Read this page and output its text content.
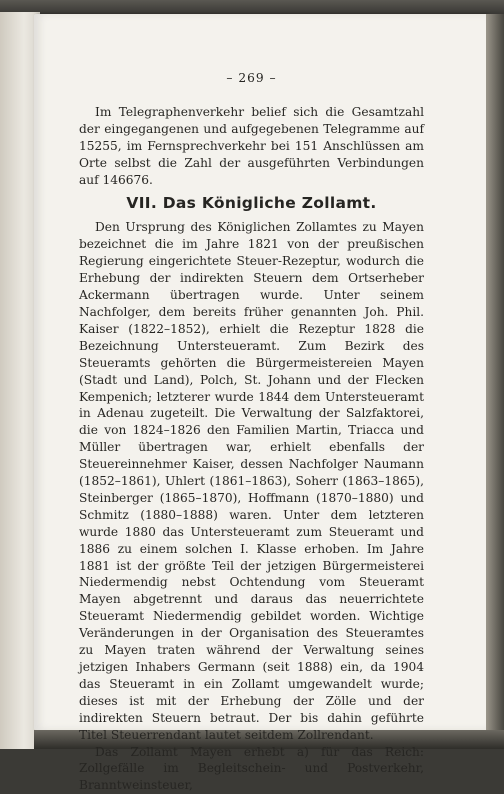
– 269 –

Im Telegraphenverkehr belief sich die Gesamtzahl der eingegangenen und aufgegebenen Telegramme auf 15255, im Fernsprechverkehr bei 151 Anschlüssen am Orte selbst die Zahl der ausgeführten Verbindungen auf 146676.

VII. Das Königliche Zollamt.

Den Ursprung des Königlichen Zollamtes zu Mayen bezeichnet die im Jahre 1821 von der preußischen Regierung eingerichtete Steuer-Rezeptur, wodurch die Erhebung der indirekten Steuern dem Ortserheber Ackermann übertragen wurde. Unter seinem Nachfolger, dem bereits früher genannten Joh. Phil. Kaiser (1822–1852), erhielt die Rezeptur 1828 die Bezeichnung Untersteueramt. Zum Bezirk des Steueramts gehörten die Bürgermeistereien Mayen (Stadt und Land), Polch, St. Johann und der Flecken Kempenich; letzterer wurde 1844 dem Untersteueramt in Adenau zugeteilt. Die Verwaltung der Salzfaktorei, die von 1824–1826 den Familien Martin, Triacca und Müller übertragen war, erhielt ebenfalls der Steuereinnehmer Kaiser, dessen Nachfolger Naumann (1852–1861), Uhlert (1861–1863), Soherr (1863–1865), Steinberger (1865–1870), Hoffmann (1870–1880) und Schmitz (1880–1888) waren. Unter dem letzteren wurde 1880 das Untersteueramt zum Steueramt und 1886 zu einem solchen I. Klasse erhoben. Im Jahre 1881 ist der größte Teil der jetzigen Bürgermeisterei Niedermendig nebst Ochtendung vom Steueramt Mayen abgetrennt und daraus das neuerrichtete Steueramt Niedermendig gebildet worden. Wichtige Veränderungen in der Organisation des Steueramtes zu Mayen traten während der Verwaltung seines jetzigen Inhabers Germann (seit 1888) ein, da 1904 das Steueramt in ein Zollamt umgewandelt wurde; dieses ist mit der Erhebung der Zölle und der indirekten Steuern betraut. Der bis dahin geführte Titel Steuerrendant lautet seitdem Zollrendant.

Das Zollamt Mayen erhebt a) für das Reich: Zollgefälle im Begleitschein- und Postverkehr, Branntweinsteuer,
